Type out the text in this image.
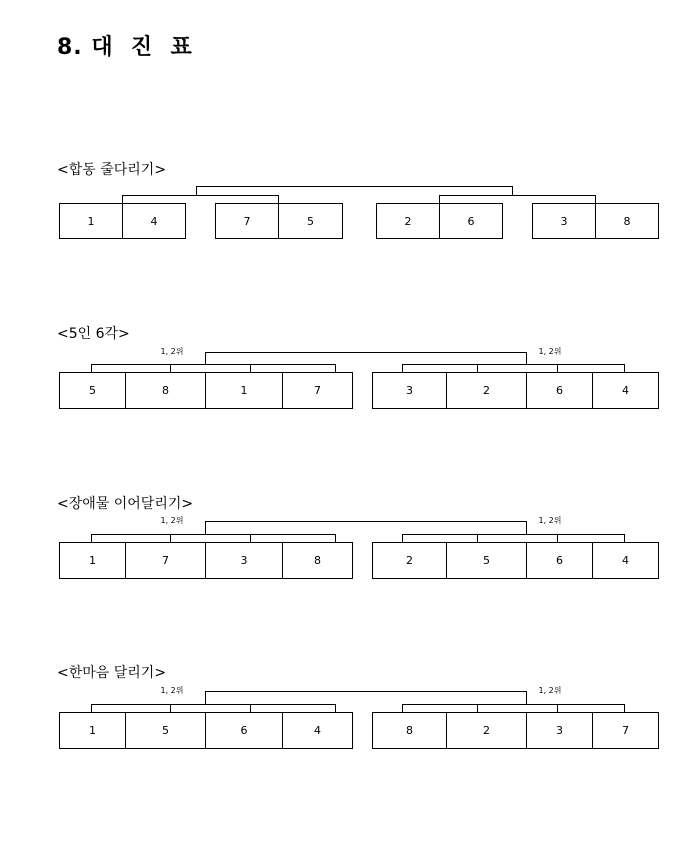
8. 대  진  표
<합동 줄다리기>
1	4	7	5	2	6	3	8
<5인 6각>
5	8	1	7	3	2	6	4
1, 2위	1, 2위
<장애물 이어달리기>
1	7	3	8	2	5	6	4
1, 2위	1, 2위
<한마음 달리기>
1	5	6	4	8	2	3	7
1, 2위	1, 2위
